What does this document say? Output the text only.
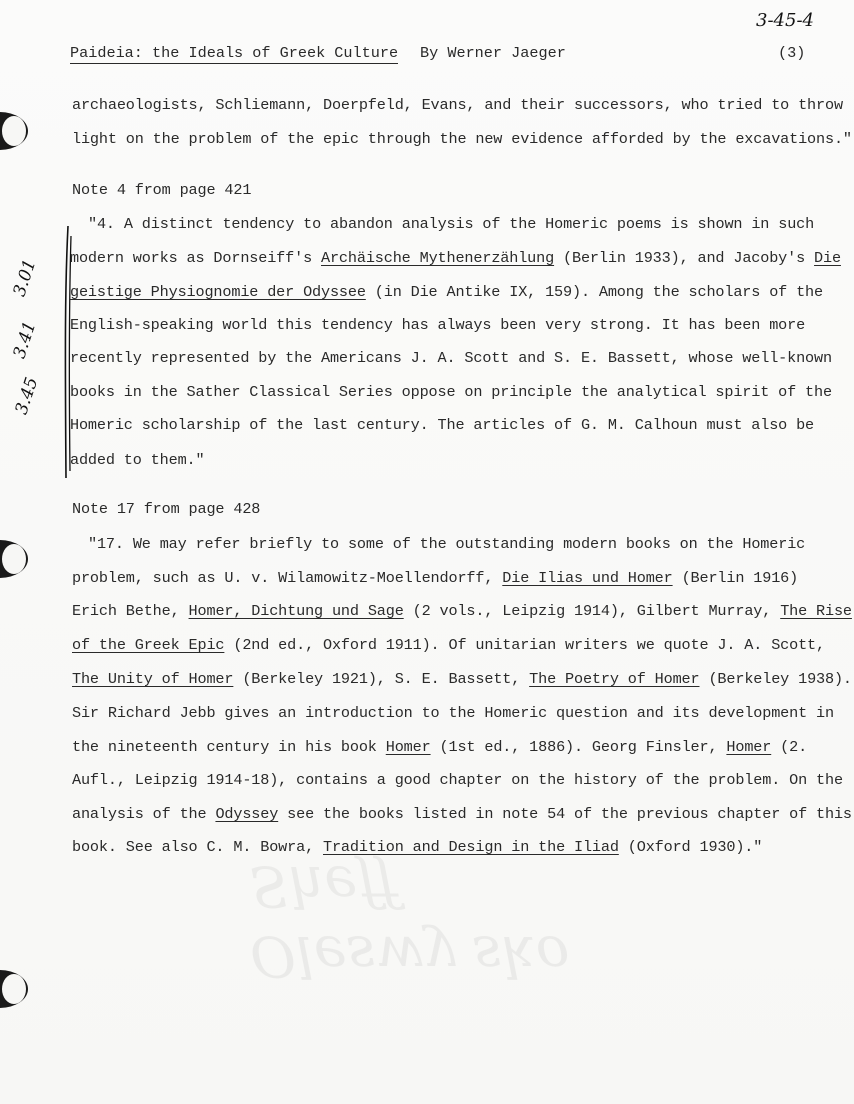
Oleswy sko
Sheff
3-45-4
Paideia: the Ideals of Greek Culture By Werner Jaeger	(3)
archaeologists, Schliemann, Doerpfeld, Evans, and their successors, who tried to throw
light on the problem of the epic through the new evidence afforded by the excavations."
Note 4 from page 421
3.01
3.41
3.45
"4. A distinct tendency to abandon analysis of the Homeric poems is shown in such
modern works as Dornseiff's Archäische Mythenerzählung (Berlin 1933), and Jacoby's Die
geistige Physiognomie der Odyssee (in Die Antike IX, 159). Among the scholars of the
English-speaking world this tendency has always been very strong. It has been more
recently represented by the Americans J. A. Scott and S. E. Bassett, whose well-known
books in the Sather Classical Series oppose on principle the analytical spirit of the
Homeric scholarship of the last century. The articles of G. M. Calhoun must also be
added to them."
Note 17 from page 428
"17. We may refer briefly to some of the outstanding modern books on the Homeric
problem, such as U. v. Wilamowitz-Moellendorff, Die Ilias und Homer (Berlin 1916)
Erich Bethe, Homer, Dichtung und Sage (2 vols., Leipzig 1914), Gilbert Murray, The Rise
of the Greek Epic (2nd ed., Oxford 1911). Of unitarian writers we quote J. A. Scott,
The Unity of Homer (Berkeley 1921), S. E. Bassett, The Poetry of Homer (Berkeley 1938).
Sir Richard Jebb gives an introduction to the Homeric question and its development in
the nineteenth century in his book Homer (1st ed., 1886). Georg Finsler, Homer (2.
Aufl., Leipzig 1914-18), contains a good chapter on the history of the problem. On the
analysis of the Odyssey see the books listed in note 54 of the previous chapter of this
book. See also C. M. Bowra, Tradition and Design in the Iliad (Oxford 1930)."
